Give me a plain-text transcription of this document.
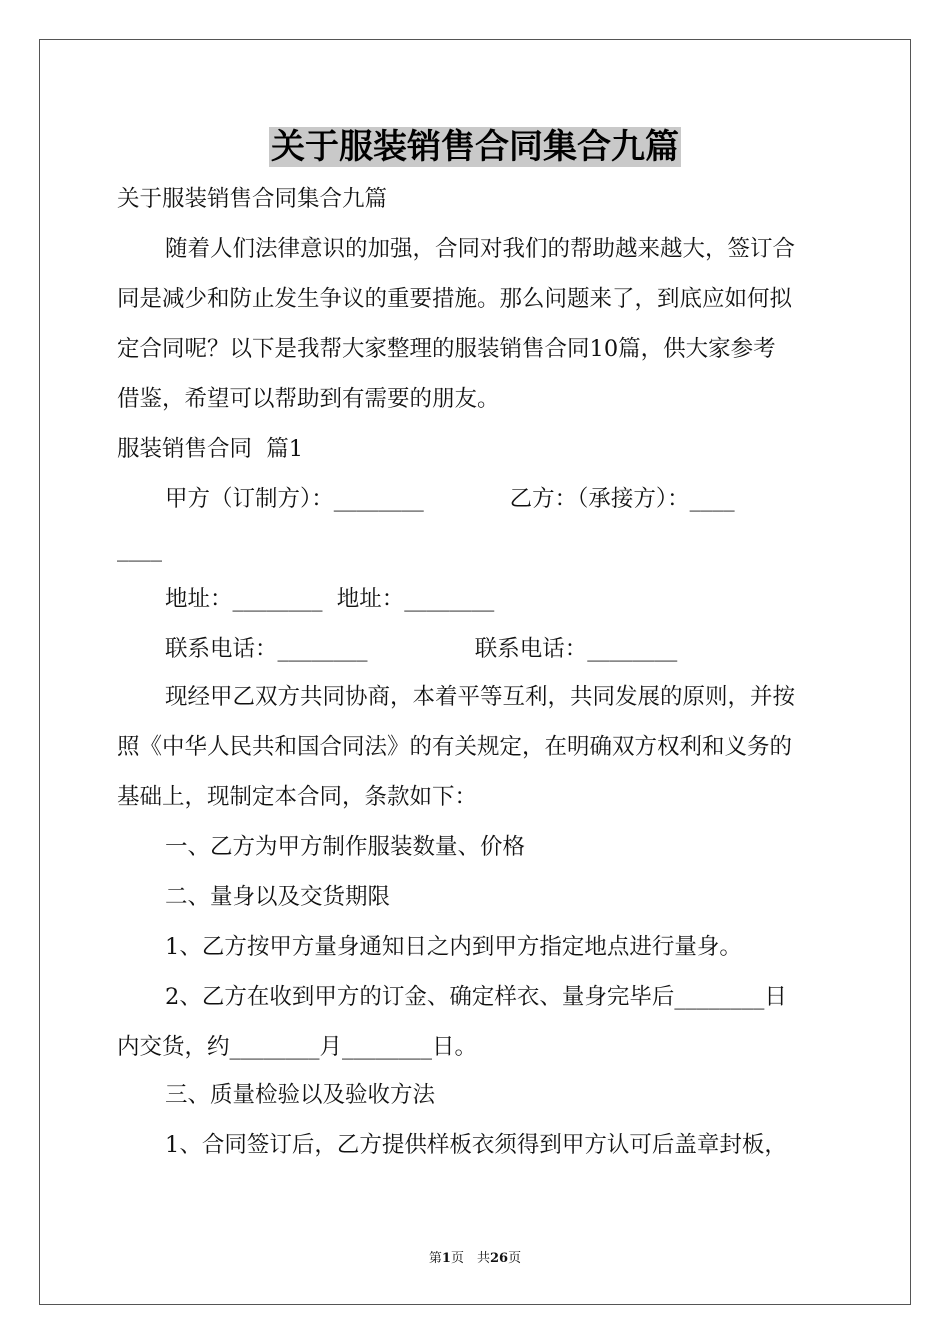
关于服装销售合同集合九篇
关于服装销售合同集合九篇
随着人们法律意识的加强，合同对我们的帮助越来越大，签订合
同是减少和防止发生争议的重要措施。那么问题来了，到底应如何拟
定合同呢？以下是我帮大家整理的服装销售合同10篇，供大家参考
借鉴，希望可以帮助到有需要的朋友。
服装销售合同  篇1
甲方（订制方）：________            乙方：（承接方）：____
____
地址：________  地址：________
联系电话：________               联系电话：________
现经甲乙双方共同协商，本着平等互利，共同发展的原则，并按
照《中华人民共和国合同法》的有关规定，在明确双方权利和义务的
基础上，现制定本合同，条款如下：
一、乙方为甲方制作服装数量、价格
二、量身以及交货期限
1、乙方按甲方量身通知日之内到甲方指定地点进行量身。
2、乙方在收到甲方的订金、确定样衣、量身完毕后________日
内交货，约________月________日。
三、质量检验以及验收方法
1、合同签订后，乙方提供样板衣须得到甲方认可后盖章封板，
第1页　共26页
